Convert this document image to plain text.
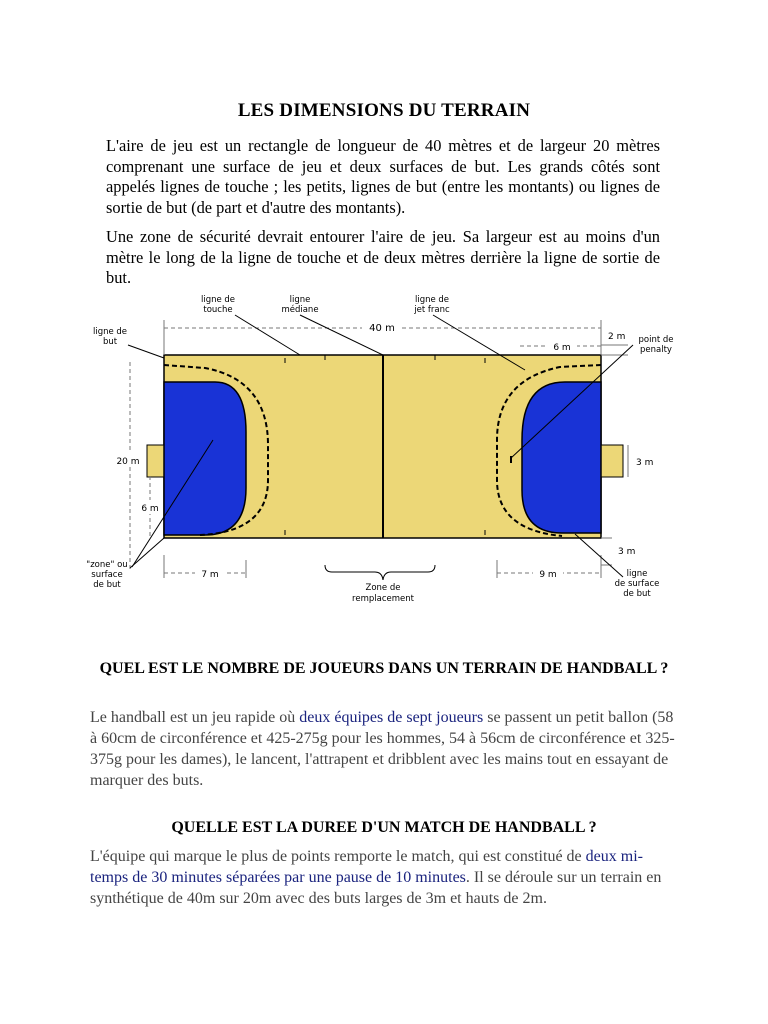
LES DIMENSIONS DU TERRAIN
L'aire de jeu est un rectangle de longueur de 40 mètres et de largeur 20 mètres comprenant une surface de jeu et deux surfaces de but. Les grands côtés sont appelés lignes de touche ; les petits, lignes de but (entre les montants) ou lignes de sortie de but (de part et d'autre des montants).
Une zone de sécurité devrait entourer l'aire de jeu. Sa largeur est au moins d'un mètre le long de la ligne de touche et de deux mètres derrière la ligne de sortie de but.
40 m
6 m
2 m
20 m
6 m
3 m
3 m
7 m	9 m
ligne de
touche
ligne
médiane
ligne de
jet franc
ligne de
but	point de
penalty
"zone" ou
surface
de but	Zone de
remplacement
ligne
de surface
de but
QUEL EST LE NOMBRE DE JOUEURS DANS UN TERRAIN DE HANDBALL ?
Le handball est un jeu rapide où deux équipes de sept joueurs se passent un petit ballon (58 à 60cm de circonférence et 425-275g pour les hommes, 54 à 56cm de circonférence et 325-375g pour les dames), le lancent, l'attrapent et dribblent avec les mains tout en essayant de marquer des buts.
QUELLE EST LA DUREE D'UN MATCH DE HANDBALL ?
L'équipe qui marque le plus de points remporte le match, qui est constitué de deux mi-temps de 30 minutes séparées par une pause de 10 minutes. Il se déroule sur un terrain en synthétique de 40m sur 20m avec des buts larges de 3m et hauts de 2m.
